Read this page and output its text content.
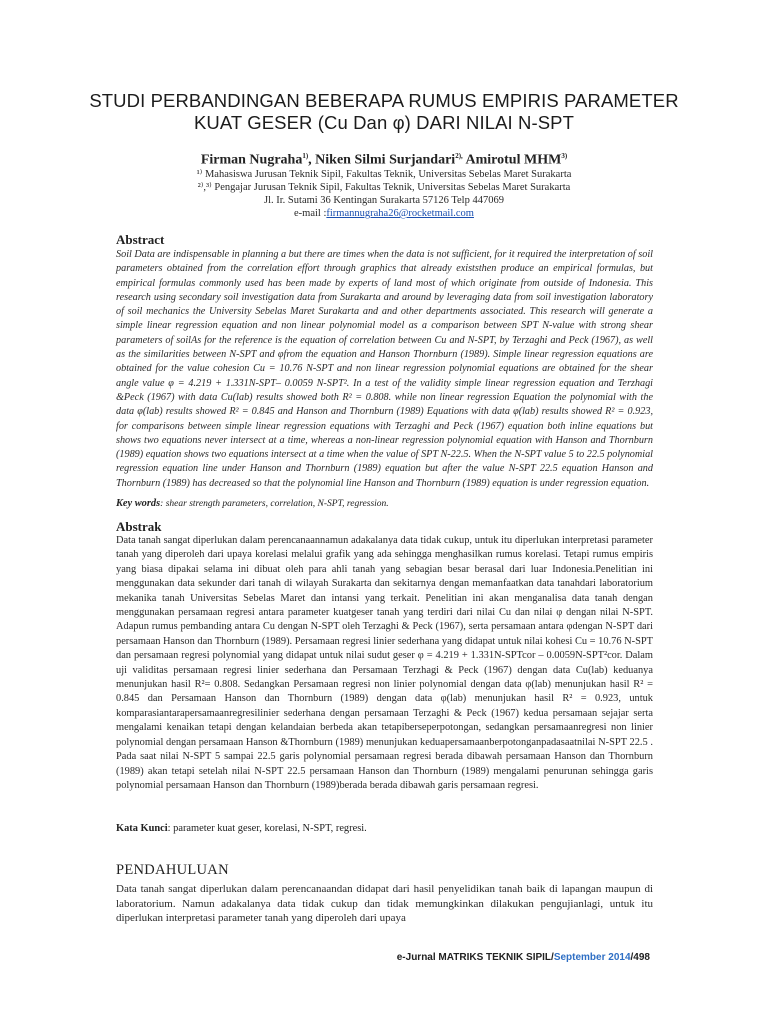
STUDI PERBANDINGAN BEBERAPA RUMUS EMPIRIS PARAMETER
KUAT GESER (Cu Dan φ) DARI NILAI N-SPT
Firman Nugraha$^{1)}$, Niken Silmi Surjandari$^{2),}$ Amirotul MHM$^{3)}$
¹⁾ Mahasiswa Jurusan Teknik Sipil, Fakultas Teknik, Universitas Sebelas Maret Surakarta
²⁾,³⁾ Pengajar Jurusan Teknik Sipil, Fakultas Teknik, Universitas Sebelas Maret Surakarta
Jl. Ir. Sutami 36 Kentingan Surakarta 57126 Telp 447069
e-mail :firmannugraha26@rocketmail.com
Abstract
Soil Data are indispensable in planning a but there are times when the data is not sufficient, for it required the interpretation of soil parameters obtained from the correlation effort through graphics that already existsthen produce an empirical formulas, but empirical formulas commonly used has been made by experts of land most of which originate from outside of Indonesia. This research using secondary soil investigation data from Surakarta and around by leveraging data from soil investigation laboratory of soil mechanics the University Sebelas Maret Surakarta and and other departments associated. This research will generate a simple linear regression equation and non linear polynomial model as a comparison between SPT N-value with strong shear parameters of soilAs for the reference is the equation of correlation between Cu and N-SPT, by Terzaghi and Peck (1967), as well as the similarities between N-SPT and φfrom the equation and Hanson Thornburn (1989). Simple linear regression equations are obtained for the value cohesion Cu = 10.76 N-SPT and non linear regression polynomial equations are obtained for the shear angle value φ = 4.219 + 1.331N-SPT– 0.0059 N-SPT². In a test of the validity simple linear regression equation and Terzhagi &Peck (1967) with data Cu(lab) results showed both R² = 0.808. while non linear regression Equation the polynomial with the data φ(lab) results showed R² = 0.845 and Hanson and Thornburn (1989) Equations with data φ(lab) results showed R² = 0.923, for comparisons between simple linear regression equations with Terzaghi and Peck (1967) equation both inline equations but shows two equations never intersect at a time, whereas a non-linear regression polynomial equation with Hanson and Thornburn (1989) equation shows two equations intersect at a time when the value of SPT N-22.5. When the N-SPT value 5 to 22.5 polynomial regression equation line under Hanson and Thornburn (1989) equation but after the value N-SPT 22.5 equation Hanson and Thornburn (1989) has decreased so that the polynomial line Hanson and Thornburn (1989) equation is under regression equation.
Key words: shear strength parameters, correlation, N-SPT, regression.
Abstrak
Data tanah sangat diperlukan dalam perencanaannamun adakalanya data tidak cukup, untuk itu diperlukan interpretasi parameter tanah yang diperoleh dari upaya korelasi melalui grafik yang ada sehingga menghasilkan rumus korelasi. Tetapi rumus empiris yang biasa dipakai selama ini dibuat oleh para ahli tanah yang sebagian besar berasal dari luar Indonesia.Penelitian ini menggunakan data sekunder dari tanah di wilayah Surakarta dan sekitarnya dengan memanfaatkan data tanahdari laboratorium mekanika tanah Universitas Sebelas Maret dan intansi yang terkait. Penelitian ini akan menganalisa data tanah dengan menggunakan persamaan regresi antara parameter kuatgeser tanah yang terdiri dari nilai Cu dan nilai φ dengan nilai N-SPT. Adapun rumus pembanding antara Cu dengan N-SPT oleh Terzaghi & Peck (1967), serta persamaan antara φdengan N-SPT dari persamaan Hanson dan Thornburn (1989). Persamaan regresi linier sederhana yang didapat untuk nilai kohesi Cu = 10.76 N-SPT dan persamaan regresi polynomial yang didapat untuk nilai sudut geser φ = 4.219 + 1.331N-SPTcor – 0.0059N-SPT²cor. Dalam uji validitas persamaan regresi linier sederhana dan Persamaan Terzhagi & Peck (1967) dengan data Cu(lab) keduanya menunjukan hasil R²= 0.808. Sedangkan Persamaan regresi non linier polynomial dengan data φ(lab) menunjukan hasil R² = 0.845 dan Persamaan Hanson dan Thornburn (1989) dengan data φ(lab) menunjukan hasil R² = 0.923, untuk komparasiantarapersamaanregresilinier sederhana dengan persamaan Terzaghi & Peck (1967) kedua persamaan sejajar serta mengalami kenaikan tetapi dengan kelandaian berbeda akan tetapiberseperpotongan, sedangkan persamaanregresi non linier polynomial dengan persamaan Hanson &Thornburn (1989) menunjukan keduapersamaanberpotonganpadasaatnilai N-SPT 22.5 . Pada saat nilai N-SPT 5 sampai 22.5 garis polynomial persamaan regresi berada dibawah persamaan Hanson dan Thornburn (1989) akan tetapi setelah nilai N-SPT 22.5 persamaan Hanson dan Thornburn (1989) mengalami penurunan sehingga garis polynomial persamaan Hanson dan Thornburn (1989)berada berada dibawah garis persamaan regresi.
Kata Kunci: parameter kuat geser, korelasi, N-SPT, regresi.
PENDAHULUAN
Data tanah sangat diperlukan dalam perencanaandan didapat dari hasil penyelidikan tanah baik di lapangan maupun di laboratorium. Namun adakalanya data tidak cukup dan tidak memungkinkan dilakukan pengujianlagi, untuk itu diperlukan interpretasi parameter tanah yang diperoleh dari upaya
e-Jurnal MATRIKS TEKNIK SIPIL/September 2014/498
